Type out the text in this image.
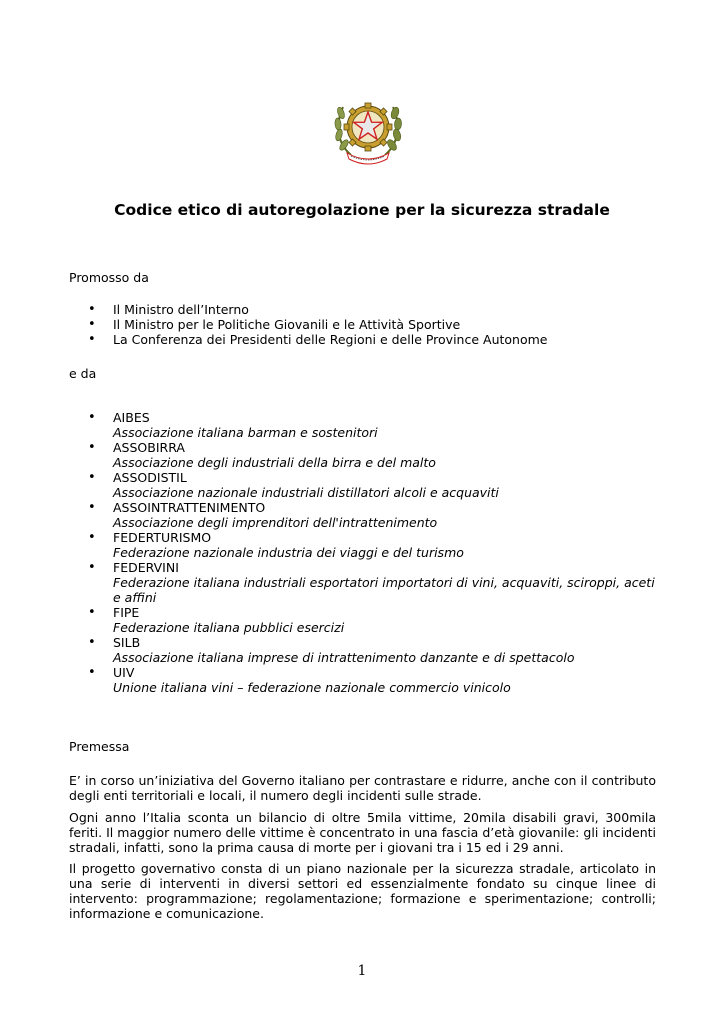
Codice etico di autoregolazione per la sicurezza stradale

Promosso da

• Il Ministro dell’Interno
• Il Ministro per le Politiche Giovanili e le Attività Sportive
• La Conferenza dei Presidenti delle Regioni e delle Province Autonome

e da

• AIBES
Associazione italiana barman e sostenitori
• ASSOBIRRA
Associazione degli industriali della birra e del malto
• ASSODISTIL
Associazione nazionale industriali distillatori alcoli e acquaviti
• ASSOINTRATTENIMENTO
Associazione degli imprenditori dell'intrattenimento
• FEDERTURISMO
Federazione nazionale industria dei viaggi e del turismo
• FEDERVINI
Federazione italiana industriali esportatori importatori di vini, acquaviti, sciroppi, aceti e affini
• FIPE
Federazione italiana pubblici esercizi
• SILB
Associazione italiana imprese di intrattenimento danzante e di spettacolo
• UIV
Unione italiana vini – federazione nazionale commercio vinicolo

Premessa

E’ in corso un’iniziativa del Governo italiano per contrastare e ridurre, anche con il contributo degli enti territoriali e locali, il numero degli incidenti sulle strade.

Ogni anno l’Italia sconta un bilancio di oltre 5mila vittime, 20mila disabili gravi, 300mila feriti. Il maggior numero delle vittime è concentrato in una fascia d’età giovanile: gli incidenti stradali, infatti, sono la prima causa di morte per i giovani tra i 15 ed i 29 anni.

Il progetto governativo consta di un piano nazionale per la sicurezza stradale, articolato in una serie di interventi in diversi settori ed essenzialmente fondato su cinque linee di intervento: programmazione; regolamentazione; formazione e sperimentazione; controlli; informazione e comunicazione.

1
